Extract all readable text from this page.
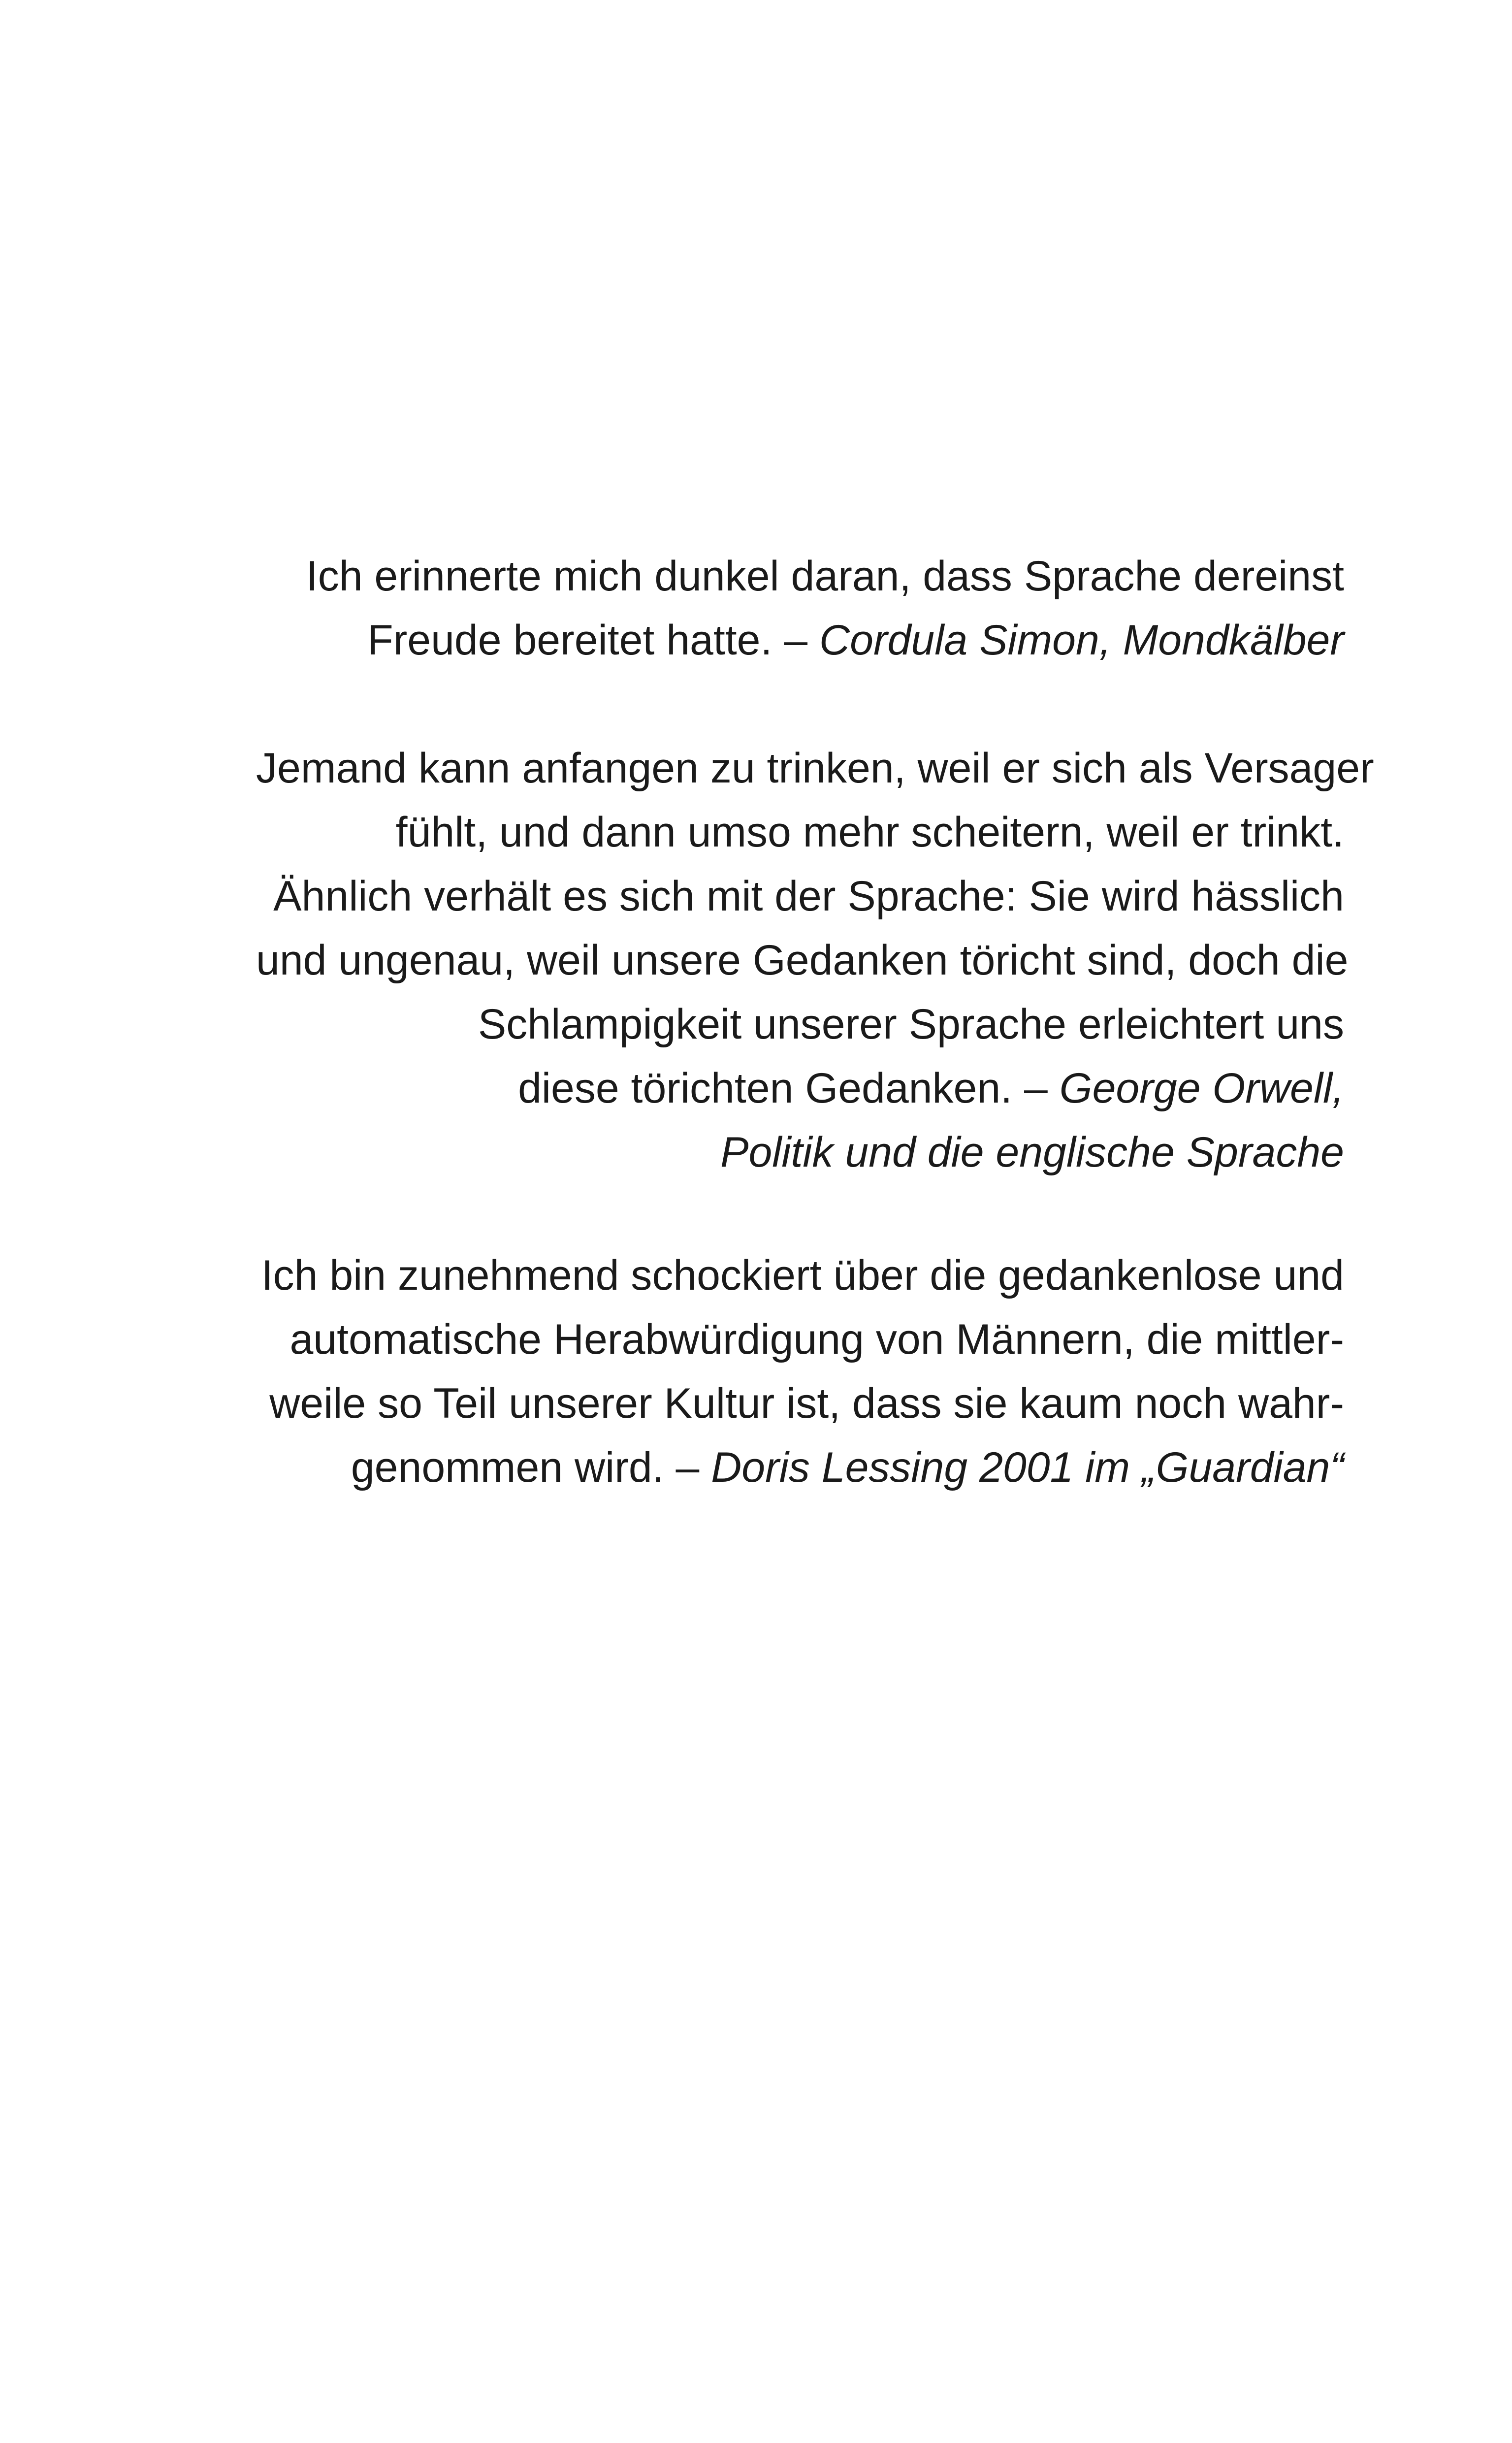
Ich erinnerte mich dunkel daran, dass Sprache dereinst
Freude bereitet hatte. – Cordula Simon, Mondkälber
Jemand kann anfangen zu trinken, weil er sich als Versager
fühlt, und dann umso mehr scheitern, weil er trinkt.
Ähnlich verhält es sich mit der Sprache: Sie wird hässlich
und ungenau, weil unsere Gedanken töricht sind, doch die
Schlampigkeit unserer Sprache erleichtert uns
diese törichten Gedanken. – George Orwell,
Politik und die englische Sprache
Ich bin zunehmend schockiert über die gedankenlose und
automatische Herabwürdigung von Männern, die mittler-
weile so Teil unserer Kultur ist, dass sie kaum noch wahr-
genommen wird. – Doris Lessing 2001 im „Guardian“
